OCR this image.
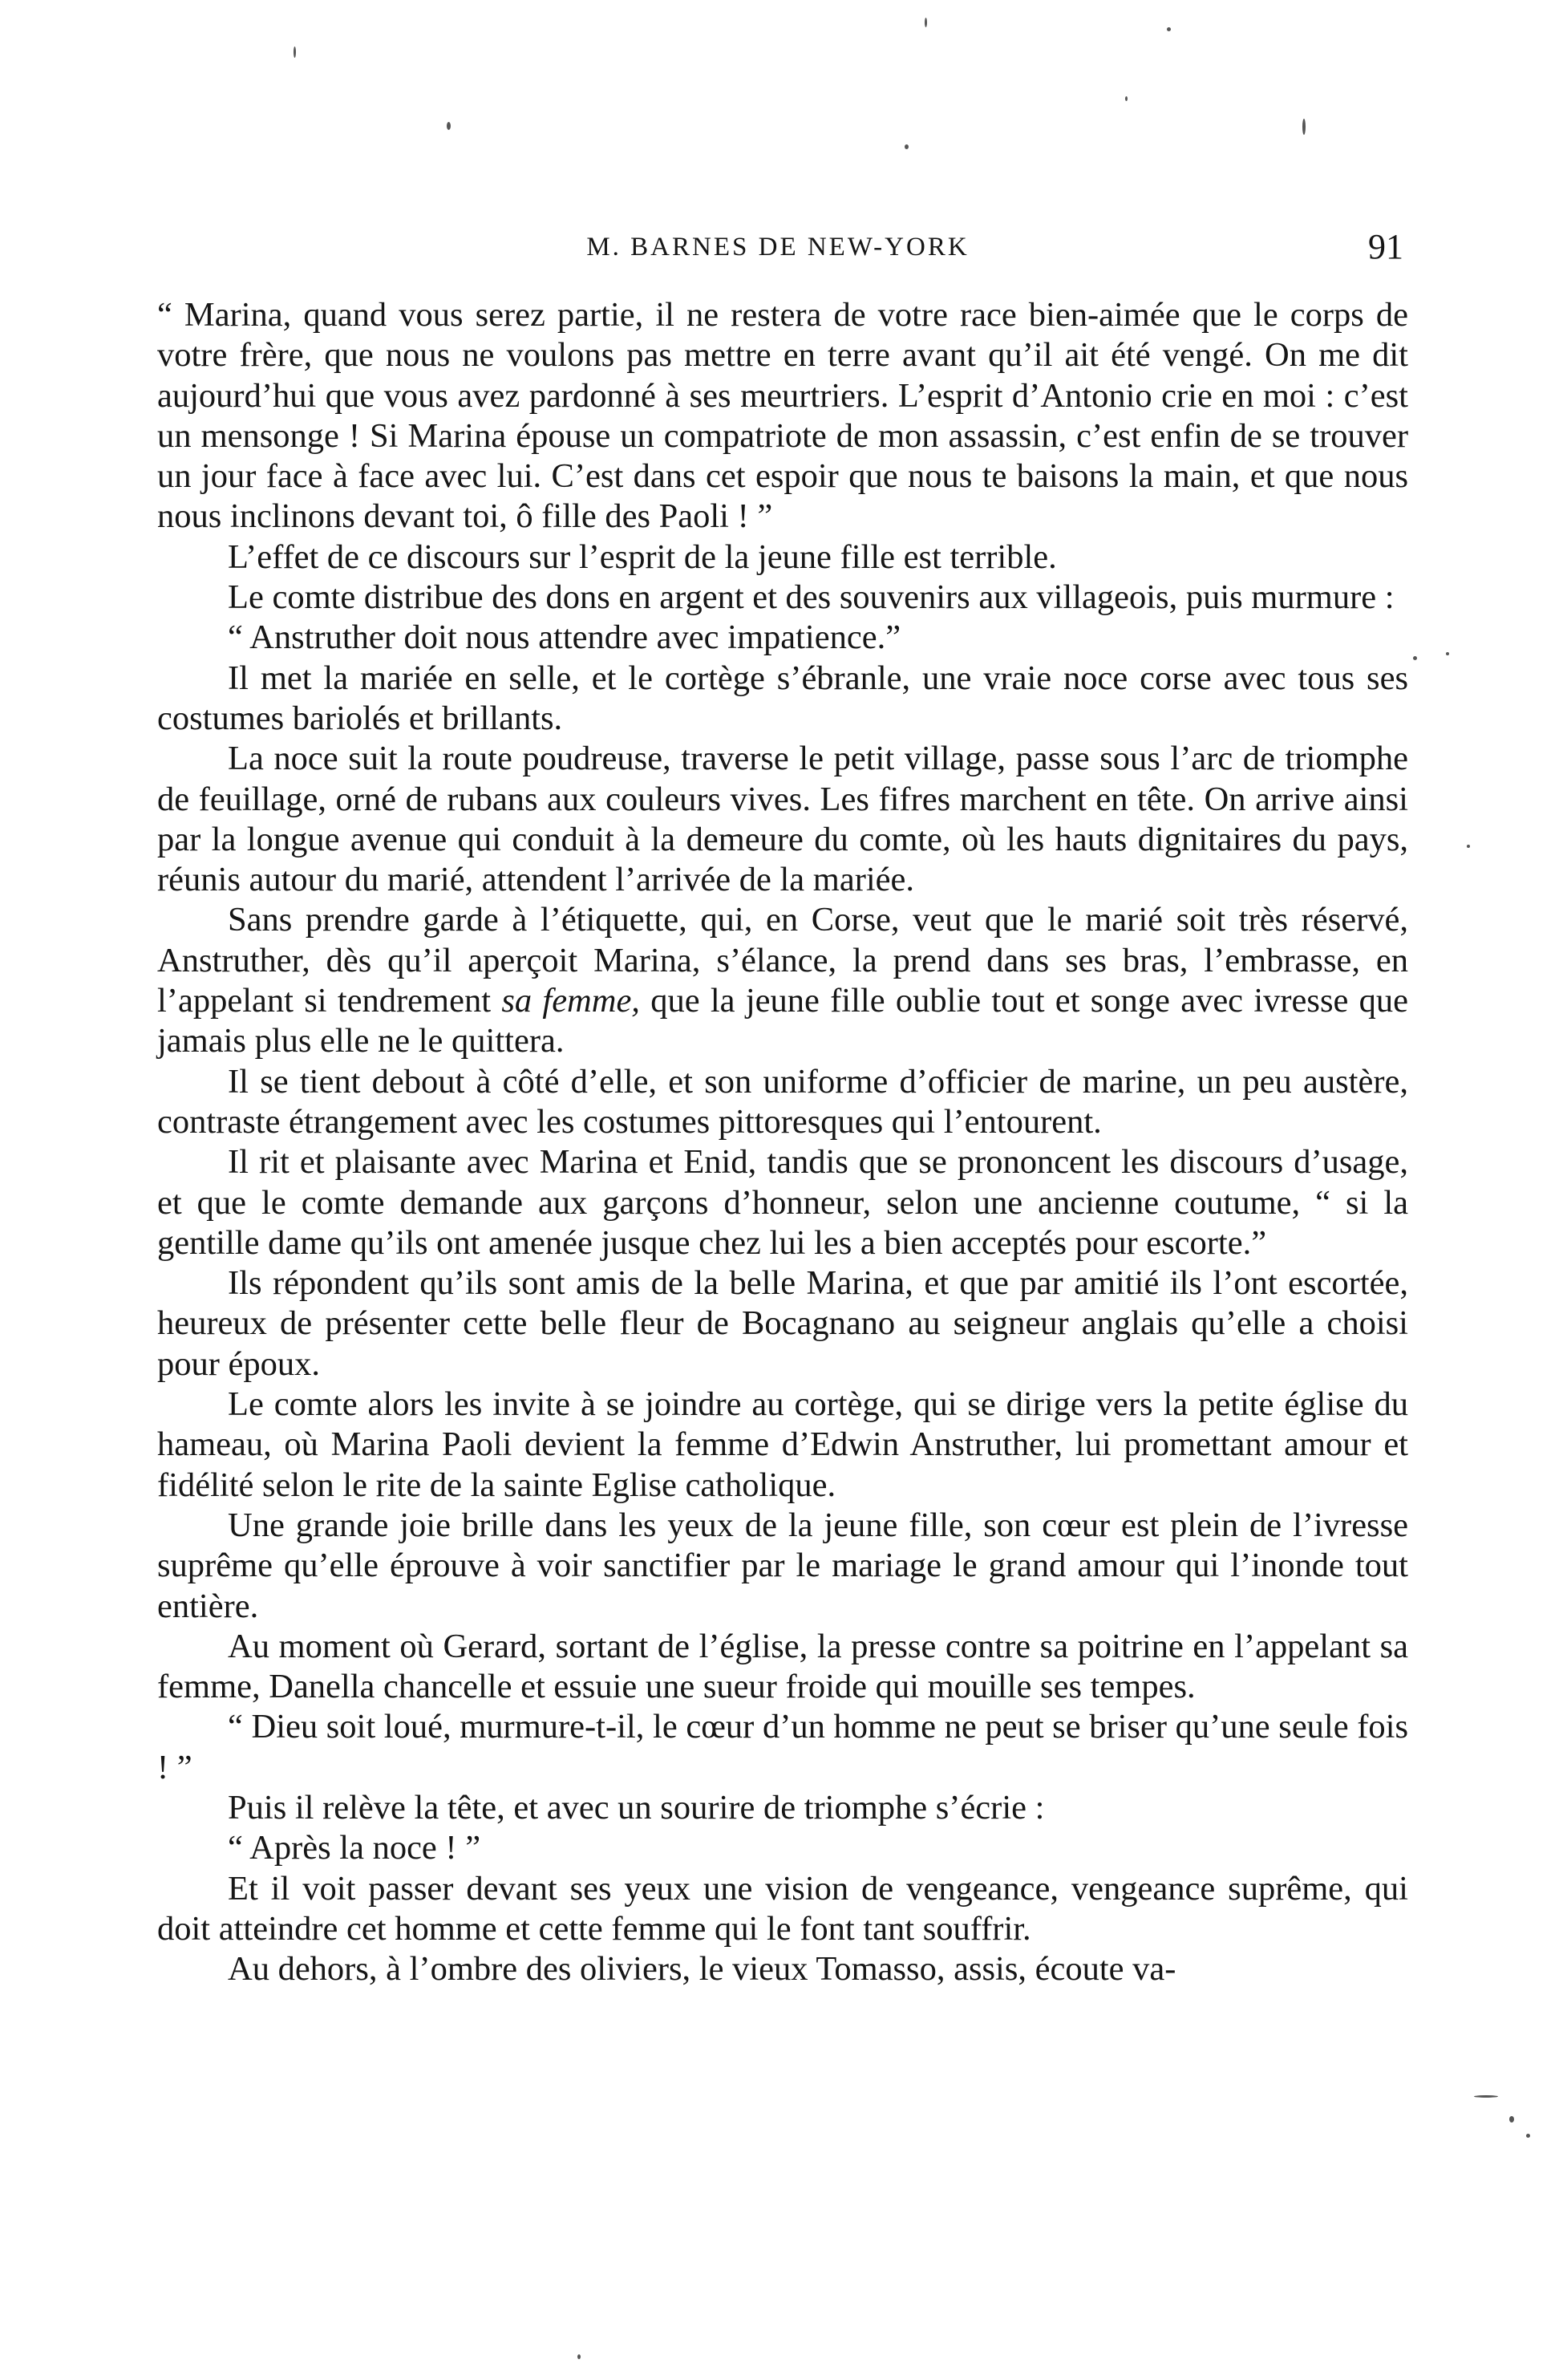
M. BARNES DE NEW-YORK	91

“ Marina, quand vous serez partie, il ne restera de votre race bien-aimée que le corps de votre frère, que nous ne voulons pas mettre en terre avant qu’il ait été vengé. On me dit aujourd’hui que vous avez pardonné à ses meurtriers. L’esprit d’Antonio crie en moi : c’est un mensonge ! Si Marina épouse un compatriote de mon assassin, c’est enfin de se trouver un jour face à face avec lui. C’est dans cet espoir que nous te baisons la main, et que nous nous inclinons devant toi, ô fille des Paoli ! ”

L’effet de ce discours sur l’esprit de la jeune fille est terrible.

Le comte distribue des dons en argent et des souvenirs aux villageois, puis murmure :

“ Anstruther doit nous attendre avec impatience.”

Il met la mariée en selle, et le cortège s’ébranle, une vraie noce corse avec tous ses costumes bariolés et brillants.

La noce suit la route poudreuse, traverse le petit village, passe sous l’arc de triomphe de feuillage, orné de rubans aux couleurs vives. Les fifres marchent en tête. On arrive ainsi par la longue avenue qui conduit à la demeure du comte, où les hauts dignitaires du pays, réunis autour du marié, attendent l’arrivée de la mariée.

Sans prendre garde à l’étiquette, qui, en Corse, veut que le marié soit très réservé, Anstruther, dès qu’il aperçoit Marina, s’élance, la prend dans ses bras, l’embrasse, en l’appelant si tendrement sa femme, que la jeune fille oublie tout et songe avec ivresse que jamais plus elle ne le quittera.

Il se tient debout à côté d’elle, et son uniforme d’officier de marine, un peu austère, contraste étrangement avec les costumes pittoresques qui l’entourent.

Il rit et plaisante avec Marina et Enid, tandis que se prononcent les discours d’usage, et que le comte demande aux garçons d’honneur, selon une ancienne coutume, “ si la gentille dame qu’ils ont amenée jusque chez lui les a bien acceptés pour escorte.”

Ils répondent qu’ils sont amis de la belle Marina, et que par amitié ils l’ont escortée, heureux de présenter cette belle fleur de Bocagnano au seigneur anglais qu’elle a choisi pour époux.

Le comte alors les invite à se joindre au cortège, qui se dirige vers la petite église du hameau, où Marina Paoli devient la femme d’Edwin Anstruther, lui promettant amour et fidélité selon le rite de la sainte Eglise catholique.

Une grande joie brille dans les yeux de la jeune fille, son cœur est plein de l’ivresse suprême qu’elle éprouve à voir sanctifier par le mariage le grand amour qui l’inonde tout entière.

Au moment où Gerard, sortant de l’église, la presse contre sa poitrine en l’appelant sa femme, Danella chancelle et essuie une sueur froide qui mouille ses tempes.

“ Dieu soit loué, murmure-t-il, le cœur d’un homme ne peut se briser qu’une seule fois ! ”

Puis il relève la tête, et avec un sourire de triomphe s’écrie :

“ Après la noce ! ”

Et il voit passer devant ses yeux une vision de vengeance, vengeance suprême, qui doit atteindre cet homme et cette femme qui le font tant souffrir.

Au dehors, à l’ombre des oliviers, le vieux Tomasso, assis, écoute va-
